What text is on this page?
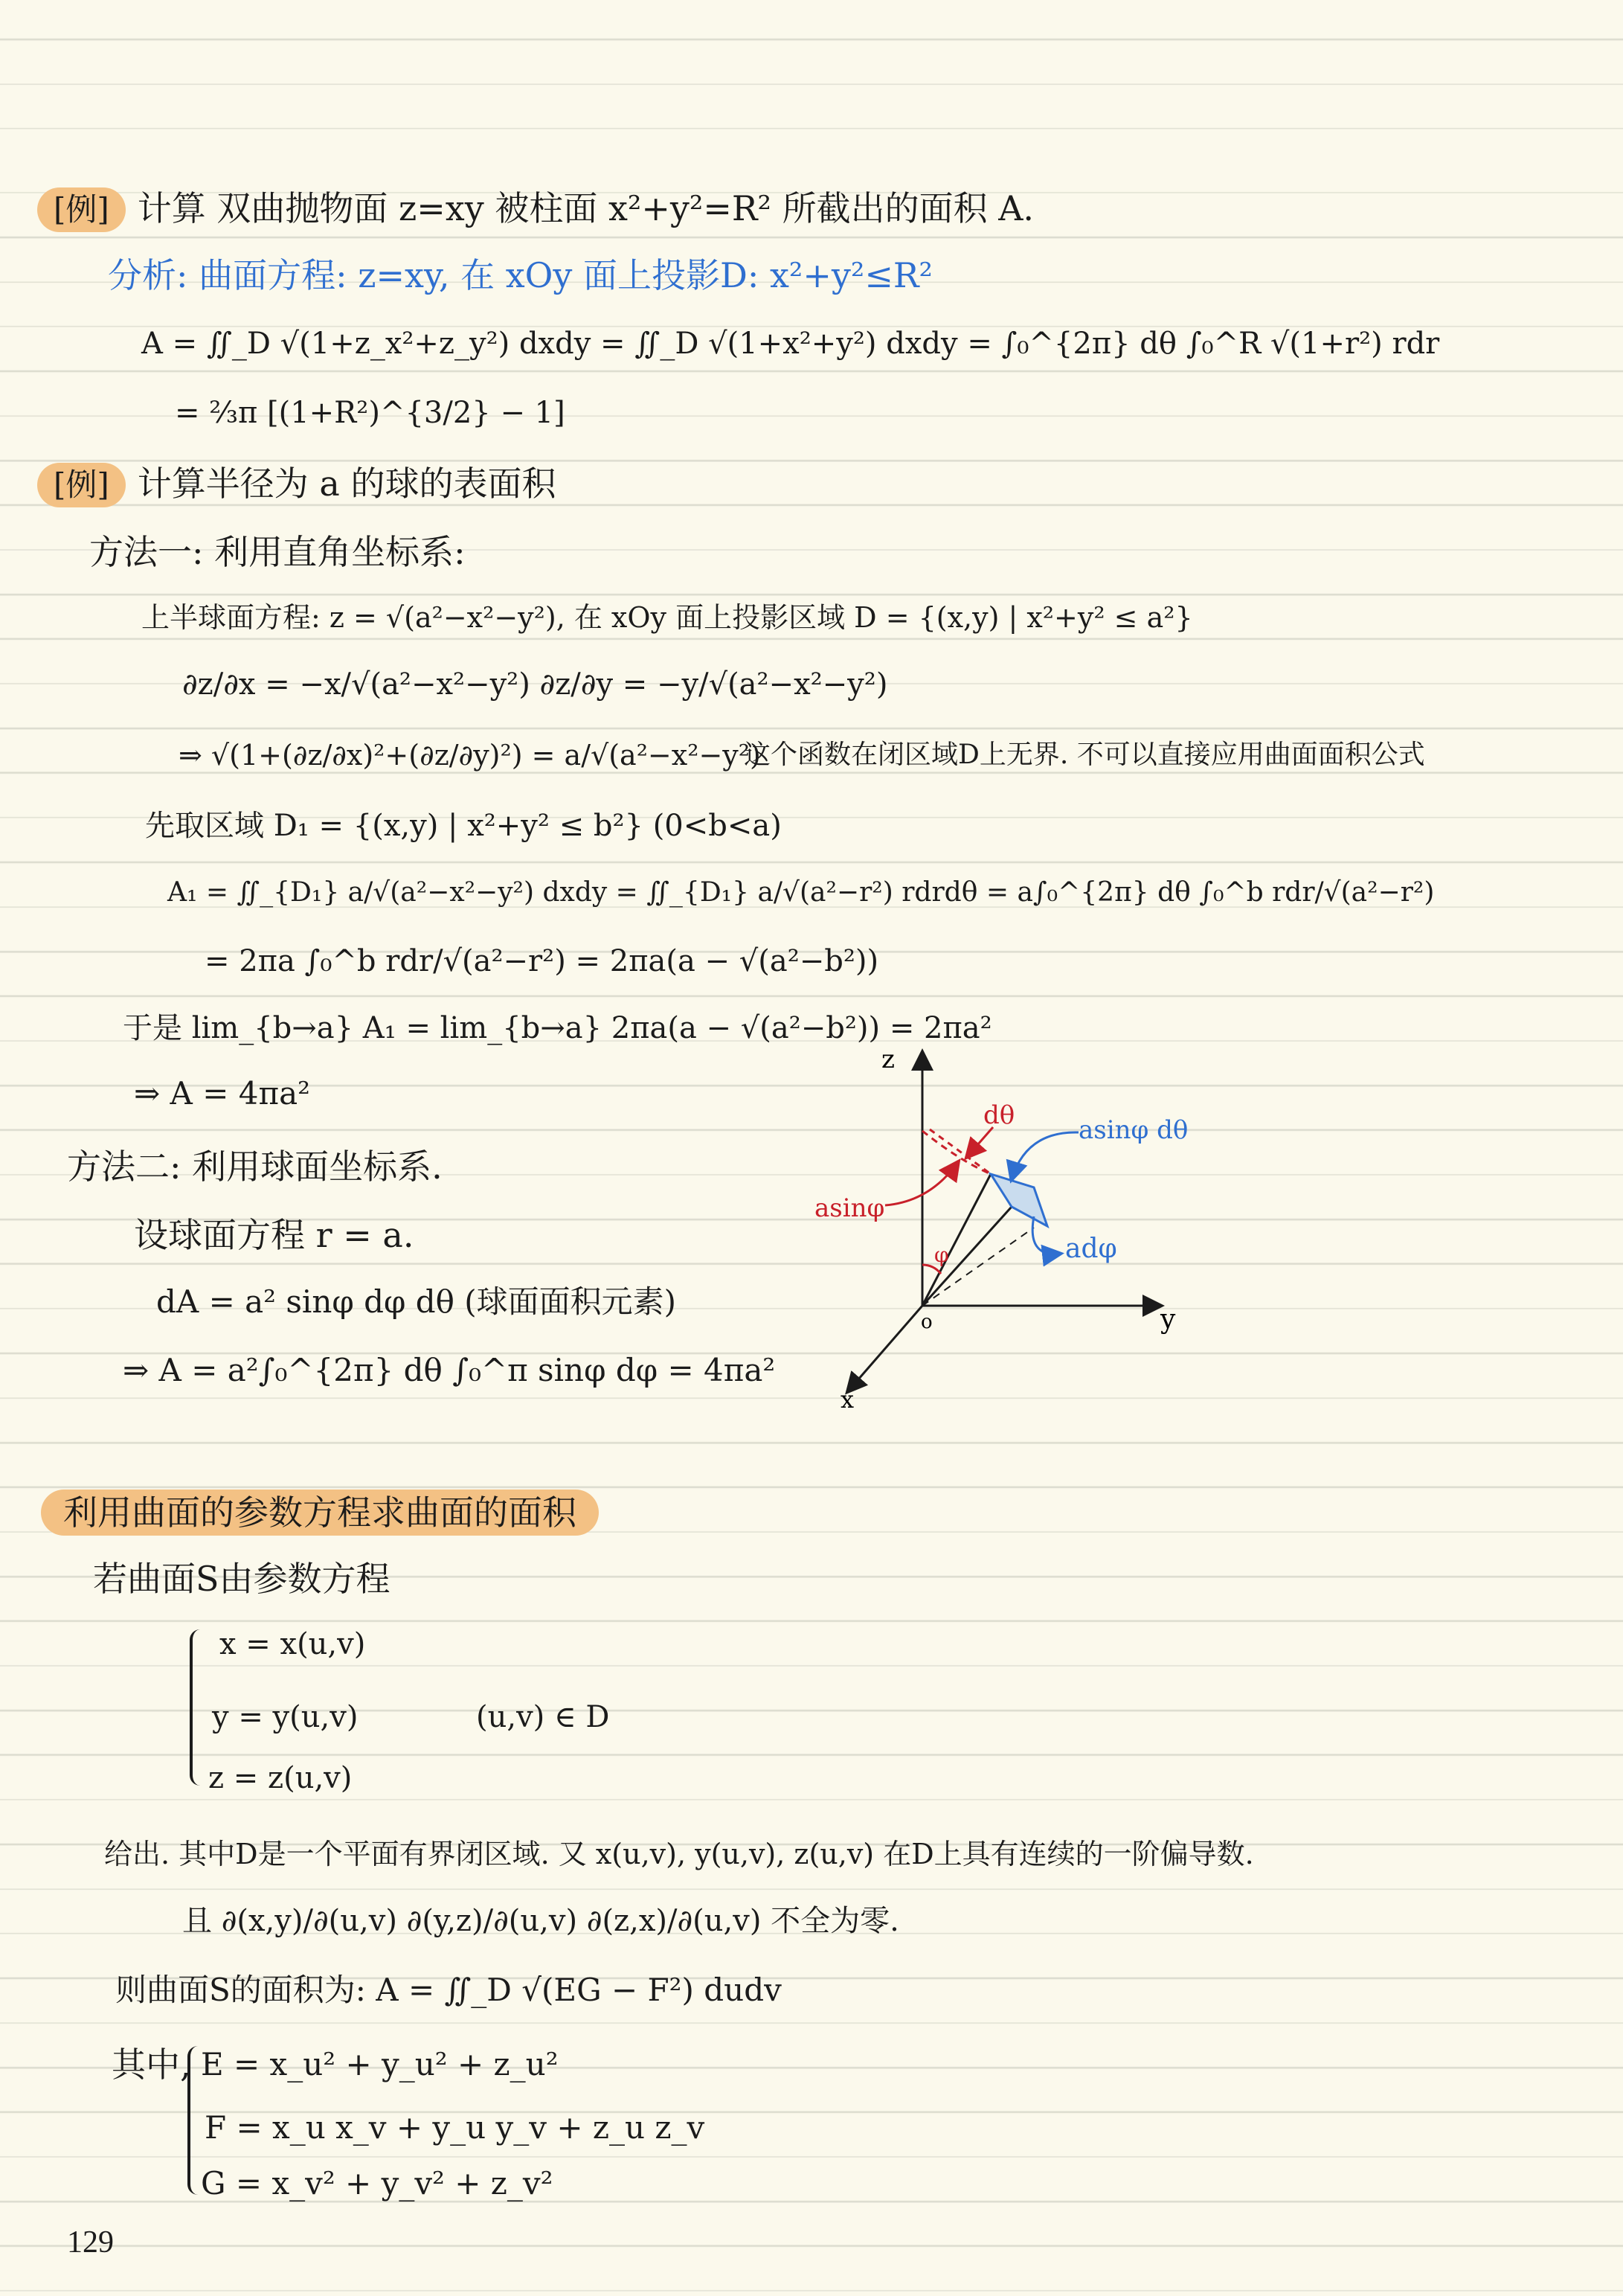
[例] 计算 双曲抛物面 z=xy 被柱面 x²+y²=R² 所截出的面积 A.
分析: 曲面方程: z=xy, 在 xOy 面上投影D: x²+y²≤R²
A = ∬_D √(1+z_x²+z_y²) dxdy = ∬_D √(1+x²+y²) dxdy = ∫₀^{2π} dθ ∫₀^R √(1+r²) rdr
= ⅔π [(1+R²)^{3/2} − 1]
[例] 计算半径为 a 的球的表面积
方法一: 利用直角坐标系:
上半球面方程: z = √(a²−x²−y²), 在 xOy 面上投影区域 D = {(x,y) | x²+y² ≤ a²}
∂z/∂x = −x/√(a²−x²−y²) ∂z/∂y = −y/√(a²−x²−y²)
⇒ √(1+(∂z/∂x)²+(∂z/∂y)²) = a/√(a²−x²−y²)
这个函数在闭区域D上无界. 不可以直接应用曲面面积公式
先取区域 D₁ = {(x,y) | x²+y² ≤ b²} (0<b<a)
A₁ = ∬_{D₁} a/√(a²−x²−y²) dxdy = ∬_{D₁} a/√(a²−r²) rdrdθ = a∫₀^{2π} dθ ∫₀^b rdr/√(a²−r²)
= 2πa ∫₀^b rdr/√(a²−r²) = 2πa(a − √(a²−b²))
于是 lim_{b→a} A₁ = lim_{b→a} 2πa(a − √(a²−b²)) = 2πa²
⇒ A = 4πa²
方法二: 利用球面坐标系.
设球面方程 r = a.
dA = a² sinφ dφ dθ (球面面积元素)
⇒ A = a²∫₀^{2π} dθ ∫₀^π sinφ dφ = 4πa²
z
y
x
o
φ
dθ
asinφ
asinφ dθ
adφ
利用曲面的参数方程求曲面的面积
若曲面S由参数方程
x = x(u,v)
y = y(u,v)	(u,v) ∈ D
z = z(u,v)
给出. 其中D是一个平面有界闭区域. 又 x(u,v), y(u,v), z(u,v) 在D上具有连续的一阶偏导数.
且 ∂(x,y)/∂(u,v) ∂(y,z)/∂(u,v) ∂(z,x)/∂(u,v) 不全为零.
则曲面S的面积为: A = ∬_D √(EG − F²) dudv
其中, E = x_u² + y_u² + z_u²
F = x_u x_v + y_u y_v + z_u z_v
G = x_v² + y_v² + z_v²
129
